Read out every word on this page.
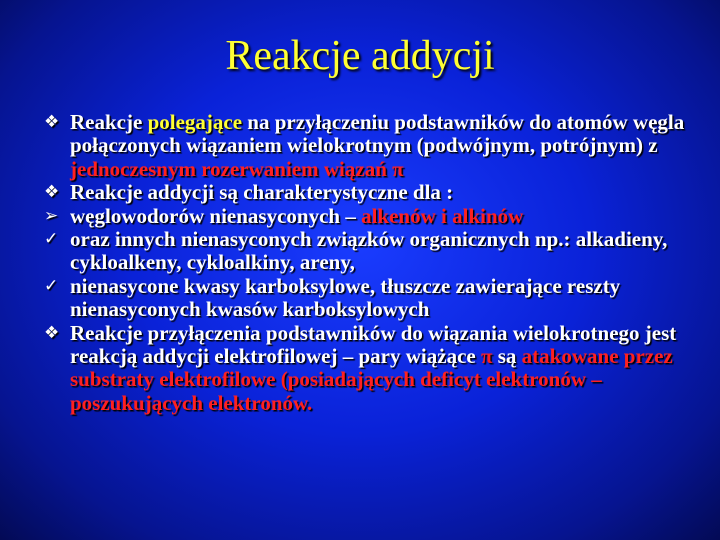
Reakcje addycji
❖ Reakcje polegające na przyłączeniu podstawników do atomów węgla połączonych wiązaniem wielokrotnym (podwójnym, potrójnym) z jednoczesnym rozerwaniem wiązań π
❖ Reakcje addycji są charakterystyczne dla :
➢ węglowodorów nienasyconych – alkenów i alkinów
✓ oraz innych nienasyconych związków organicznych np.: alkadieny, cykloalkeny, cykloalkiny, areny,
✓ nienasycone kwasy karboksylowe, tłuszcze zawierające reszty nienasyconych kwasów karboksylowych
❖ Reakcje przyłączenia podstawników do wiązania wielokrotnego jest reakcją addycji elektrofilowej – pary wiążące π są atakowane przez substraty elektrofilowe (posiadających deficyt elektronów – poszukujących elektronów.
